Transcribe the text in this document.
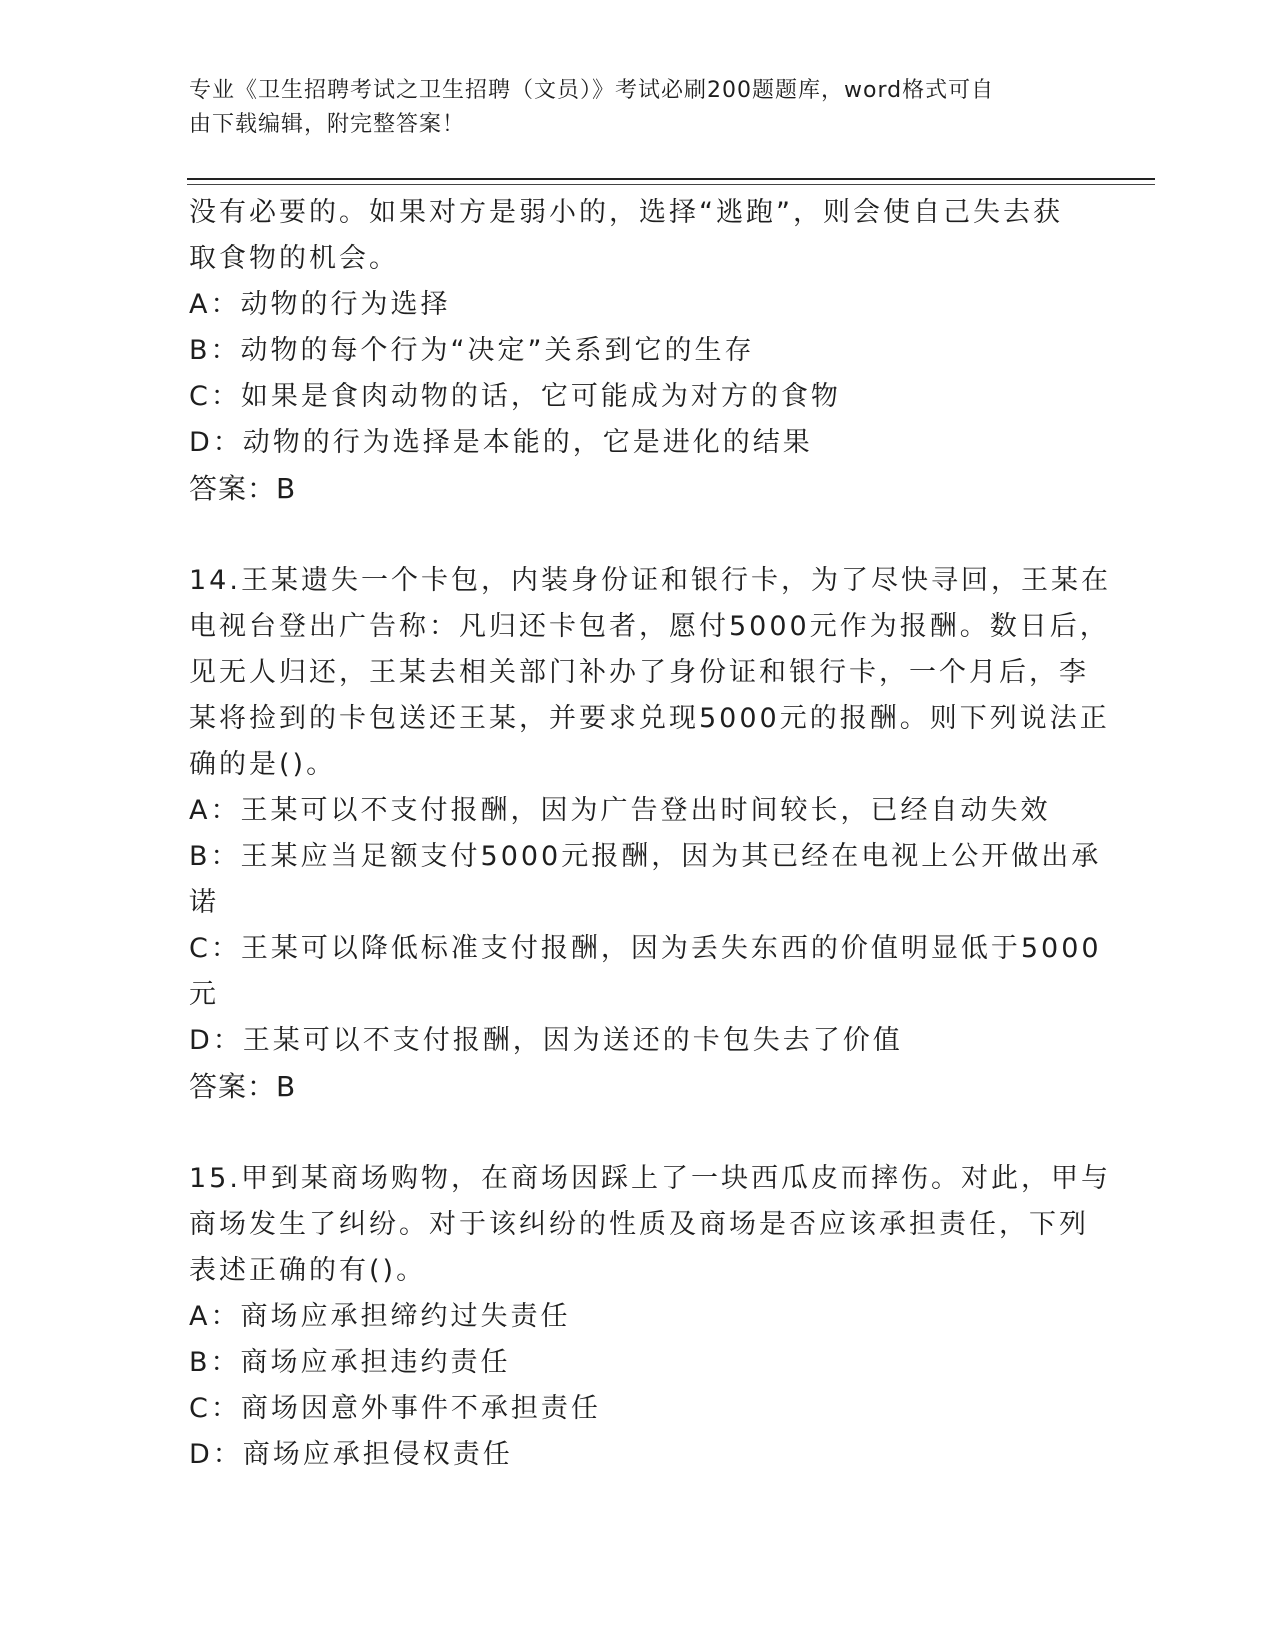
专业《卫生招聘考试之卫生招聘（文员）》考试必刷200题题库，word格式可自
由下载编辑，附完整答案！
没有必要的。如果对方是弱小的，选择“逃跑”，则会使自己失去获
取食物的机会。
A：动物的行为选择
B：动物的每个行为“决定”关系到它的生存
C：如果是食肉动物的话，它可能成为对方的食物
D：动物的行为选择是本能的，它是进化的结果
答案：B
14.王某遗失一个卡包，内装身份证和银行卡，为了尽快寻回，王某在
电视台登出广告称：凡归还卡包者，愿付5000元作为报酬。数日后，
见无人归还，王某去相关部门补办了身份证和银行卡，一个月后，李
某将捡到的卡包送还王某，并要求兑现5000元的报酬。则下列说法正
确的是()。
A：王某可以不支付报酬，因为广告登出时间较长，已经自动失效
B：王某应当足额支付5000元报酬，因为其已经在电视上公开做出承
诺
C：王某可以降低标准支付报酬，因为丢失东西的价值明显低于5000
元
D：王某可以不支付报酬，因为送还的卡包失去了价值
答案：B
15.甲到某商场购物，在商场因踩上了一块西瓜皮而摔伤。对此，甲与
商场发生了纠纷。对于该纠纷的性质及商场是否应该承担责任，下列
表述正确的有()。
A：商场应承担缔约过失责任
B：商场应承担违约责任
C：商场因意外事件不承担责任
D：商场应承担侵权责任
